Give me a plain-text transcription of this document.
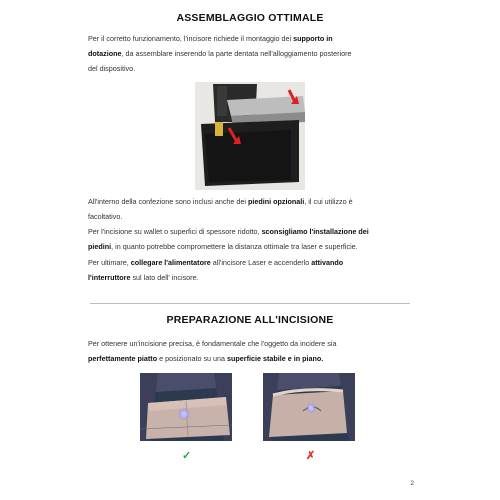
ASSEMBLAGGIO OTTIMALE

Per il corretto funzionamento, l'incisore richiede il montaggio dei supporto in
dotazione, da assemblare inserendo la parte dentata nell'alloggiamento posteriore
del dispositivo.

All'interno della confezione sono inclusi anche dei piedini opzionali, il cui utilizzo è
facoltativo.
Per l'incisione su wallet o superfici di spessore ridotto, sconsigliamo l'installazione dei
piedini, in quanto potrebbe compromettere la distanza ottimale tra laser e superficie.

Per ultimare, collegare l'alimentatore all'incisore Laser e accenderlo attivando
l'interruttore sul lato dell' incisore.

PREPARAZIONE ALL'INCISIONE

Per ottenere un'incisione precisa, è fondamentale che l'oggetto da incidere sia
perfettamente piatto e posizionato su una superficie stabile e in piano.

✓	✗
2
